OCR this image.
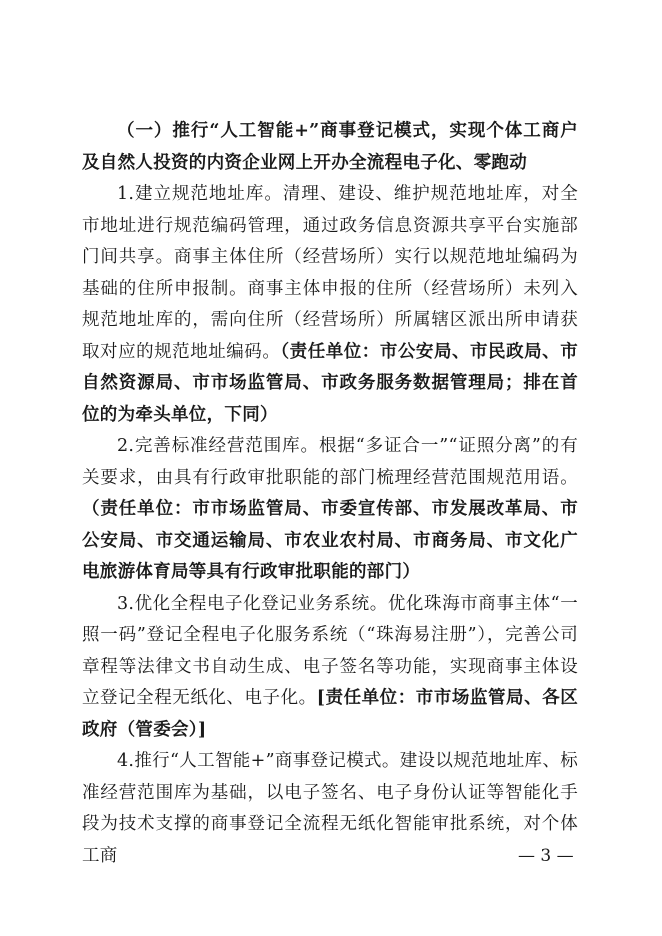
（一）推行“人工智能+”商事登记模式，实现个体工商户及自然人投资的内资企业网上开办全流程电子化、零跑动

1.建立规范地址库。清理、建设、维护规范地址库，对全市地址进行规范编码管理，通过政务信息资源共享平台实施部门间共享。商事主体住所（经营场所）实行以规范地址编码为基础的住所申报制。商事主体申报的住所（经营场所）未列入规范地址库的，需向住所（经营场所）所属辖区派出所申请获取对应的规范地址编码。（责任单位：市公安局、市民政局、市自然资源局、市市场监管局、市政务服务数据管理局；排在首位的为牵头单位，下同）

2.完善标准经营范围库。根据“多证合一”“证照分离”的有关要求，由具有行政审批职能的部门梳理经营范围规范用语。（责任单位：市市场监管局、市委宣传部、市发展改革局、市公安局、市交通运输局、市农业农村局、市商务局、市文化广电旅游体育局等具有行政审批职能的部门）

3.优化全程电子化登记业务系统。优化珠海市商事主体“一照一码”登记全程电子化服务系统（“珠海易注册”），完善公司章程等法律文书自动生成、电子签名等功能，实现商事主体设立登记全程无纸化、电子化。[责任单位：市市场监管局、各区政府（管委会）]

4.推行“人工智能+”商事登记模式。建设以规范地址库、标准经营范围库为基础，以电子签名、电子身份认证等智能化手段为技术支撑的商事登记全流程无纸化智能审批系统，对个体工商	— 3 —
